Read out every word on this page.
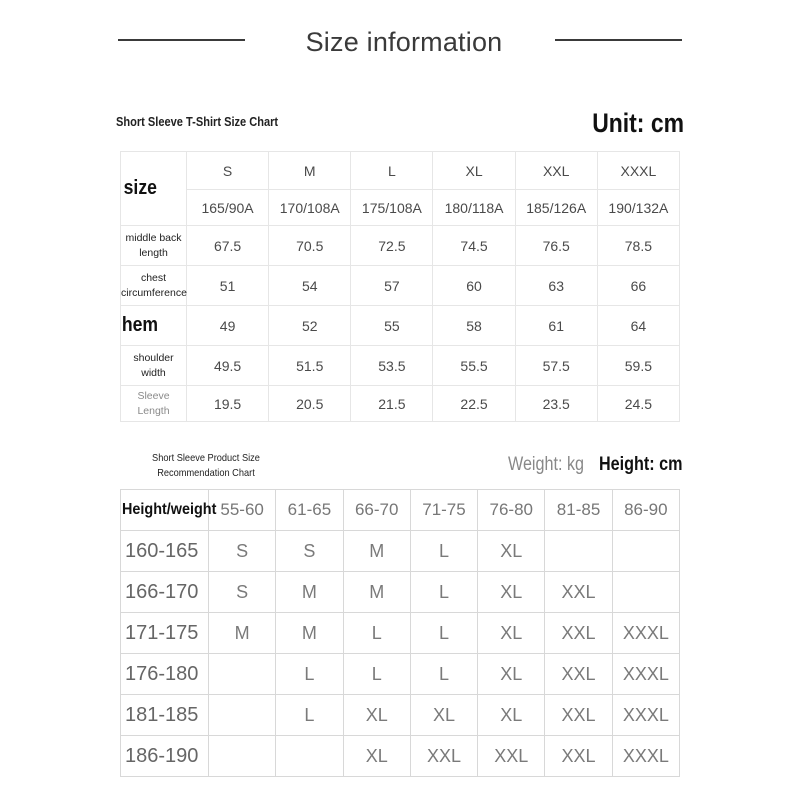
Size information
Short Sleeve T-Shirt Size Chart	Unit: cm
size	S	M	L	XL	XXL	XXXL
	165/90A	170/108A	175/108A	180/118A	185/126A	190/132A

middle back
length	67.5	70.5	72.5	74.5	76.5	78.5

chest
circumference	51	54	57	60	63	66
hem	49	52	55	58	61	64

shoulder
width	49.5	51.5	53.5	55.5	57.5	59.5

Sleeve
Length	19.5	20.5	21.5	22.5	23.5	24.5
Short Sleeve Product Size
Recommendation Chart	Weight: kg Height: cm
Height/weight	55-60	61-65	66-70	71-75	76-80	81-85	86-90
160-165	S	S	M	L	XL		
166-170	S	M	M	L	XL	XXL	
171-175	M	M	L	L	XL	XXL	XXXL
176-180		L	L	L	XL	XXL	XXXL
181-185		L	XL	XL	XL	XXL	XXXL
186-190			XL	XXL	XXL	XXL	XXXL
